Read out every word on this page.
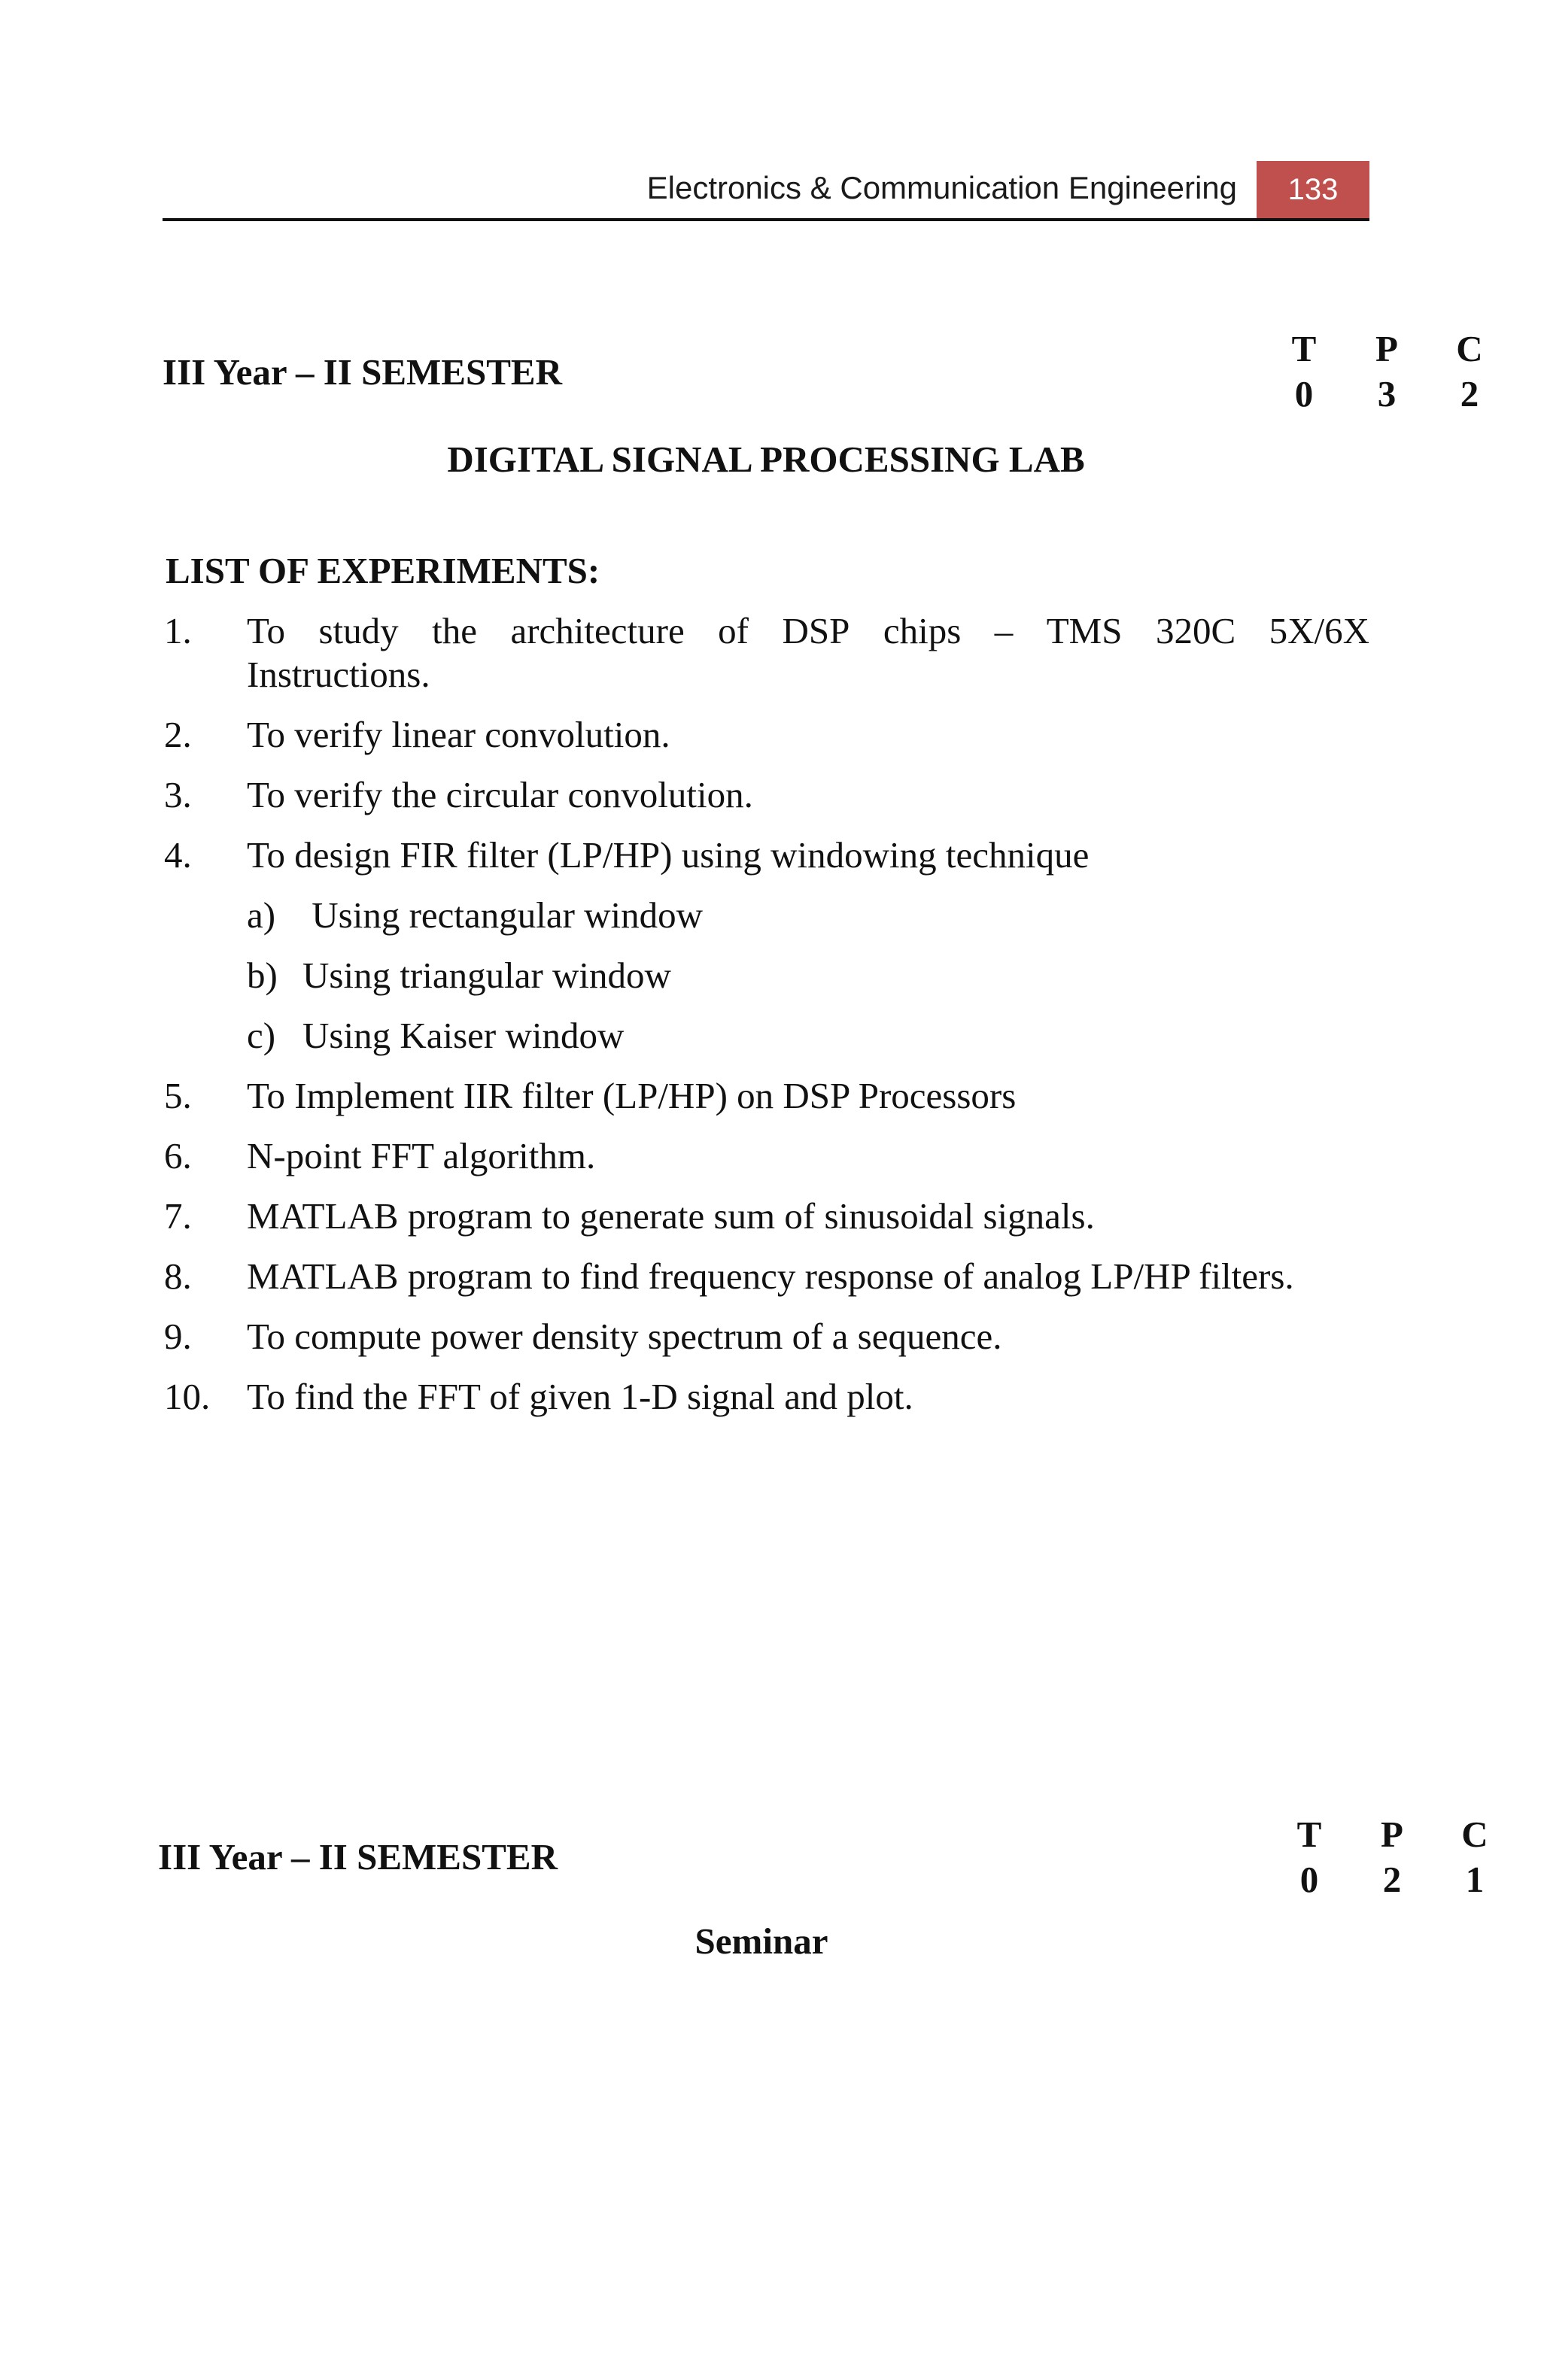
Electronics & Communication Engineering	133
III Year – II SEMESTER
T	P	C
0	3	2
DIGITAL SIGNAL PROCESSING LAB
LIST OF EXPERIMENTS:
1. To study the architecture of DSP chips – TMS 320C 5X/6X
Instructions.
2. To verify linear convolution.
3. To verify the circular convolution.
4. To design FIR filter (LP/HP) using windowing technique
a) Using rectangular window
b) Using triangular window
c) Using Kaiser window
5. To Implement IIR filter (LP/HP) on DSP Processors
6. N-point FFT algorithm.
7. MATLAB program to generate sum of sinusoidal signals.
8. MATLAB program to find frequency response of analog LP/HP filters.
9. To compute power density spectrum of a sequence.
10. To find the FFT of given 1-D signal and plot.
III Year – II SEMESTER
T	P	C
0	2	1
Seminar
